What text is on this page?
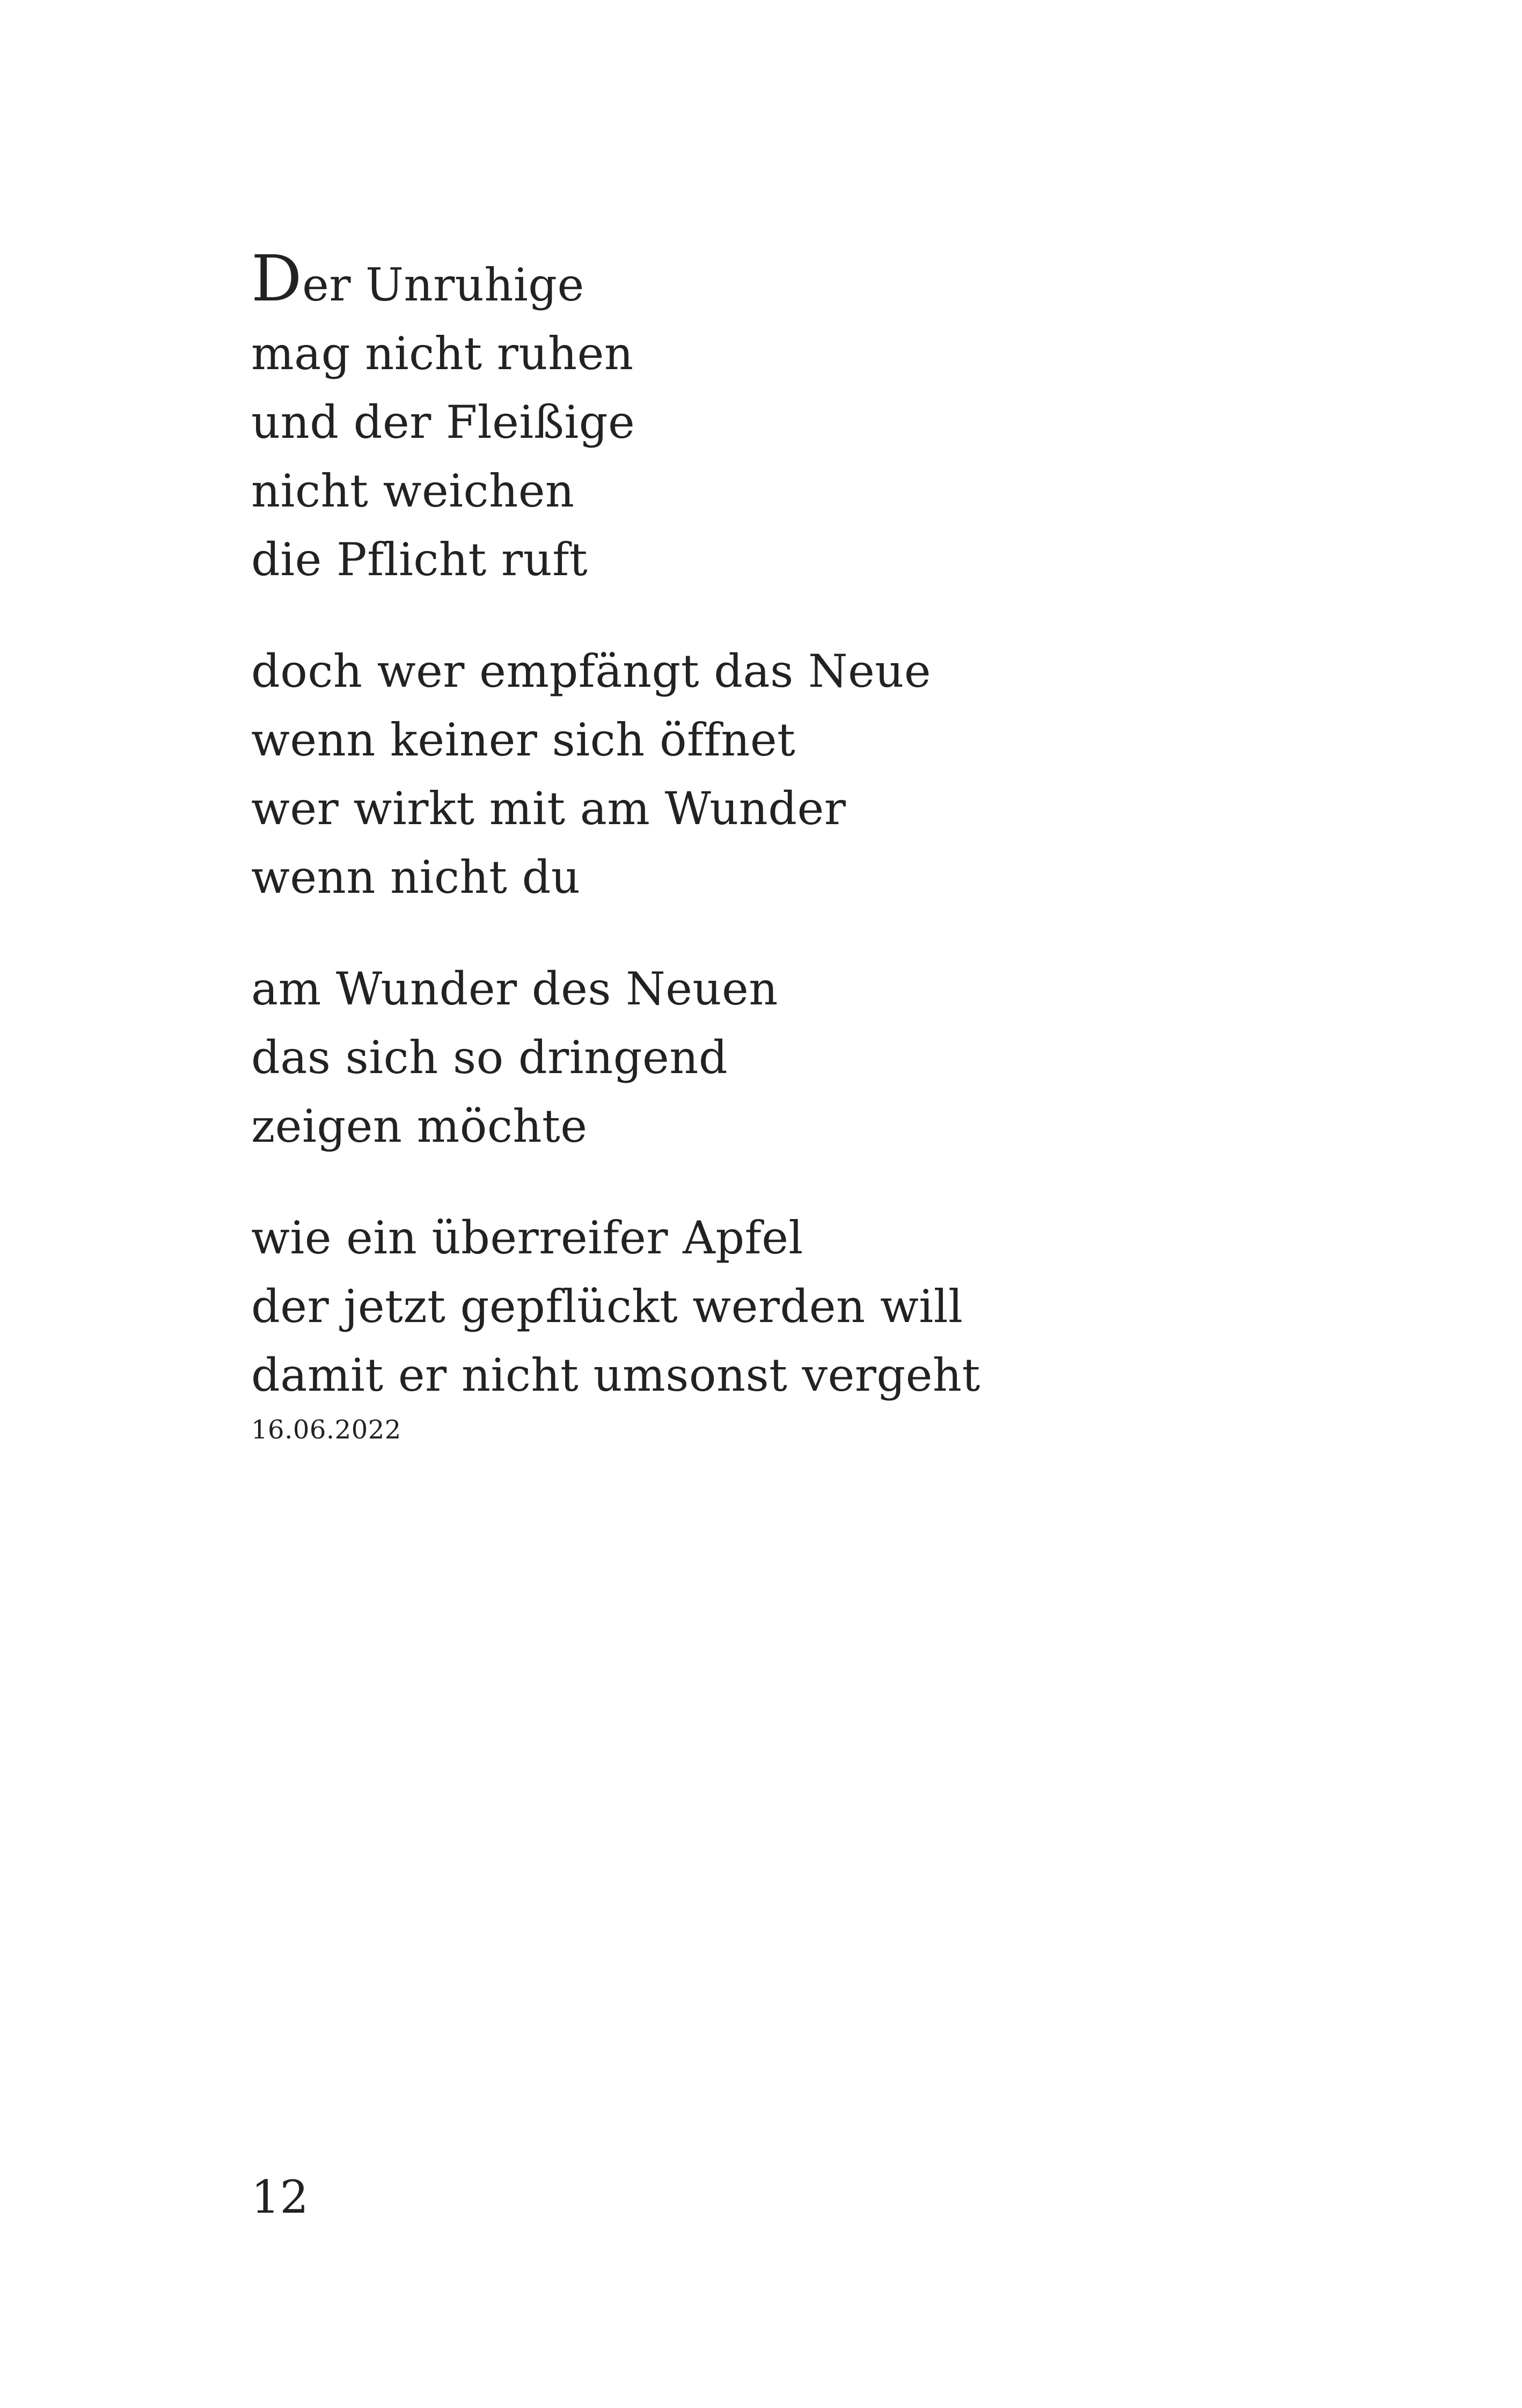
Der Unruhige
mag nicht ruhen
und der Fleißige
nicht weichen
die Pflicht ruft
doch wer empfängt das Neue
wenn keiner sich öffnet
wer wirkt mit am Wunder
wenn nicht du
am Wunder des Neuen
das sich so dringend
zeigen möchte
wie ein überreifer Apfel
der jetzt gepflückt werden will
damit er nicht umsonst vergeht
16.06.2022
12
